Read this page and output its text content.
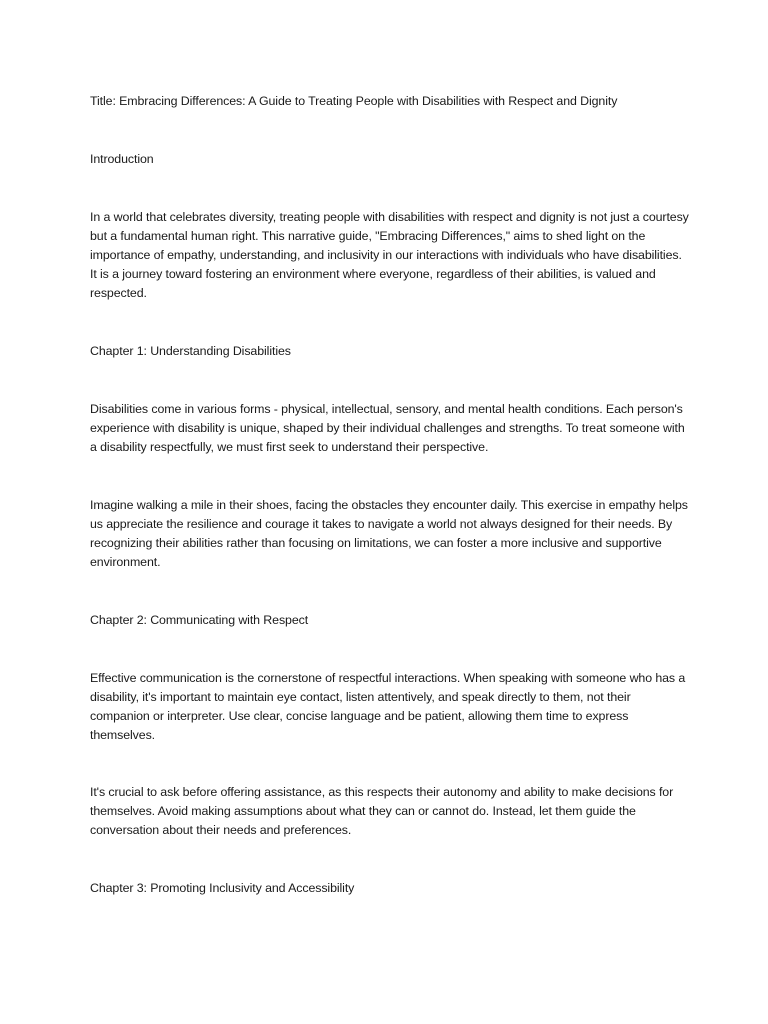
Title: Embracing Differences: A Guide to Treating People with Disabilities with Respect and Dignity

Introduction

In a world that celebrates diversity, treating people with disabilities with respect and dignity is not just a courtesy but a fundamental human right. This narrative guide, "Embracing Differences," aims to shed light on the importance of empathy, understanding, and inclusivity in our interactions with individuals who have disabilities. It is a journey toward fostering an environment where everyone, regardless of their abilities, is valued and respected.

Chapter 1: Understanding Disabilities

Disabilities come in various forms - physical, intellectual, sensory, and mental health conditions. Each person's experience with disability is unique, shaped by their individual challenges and strengths. To treat someone with a disability respectfully, we must first seek to understand their perspective.

Imagine walking a mile in their shoes, facing the obstacles they encounter daily. This exercise in empathy helps us appreciate the resilience and courage it takes to navigate a world not always designed for their needs. By recognizing their abilities rather than focusing on limitations, we can foster a more inclusive and supportive environment.

Chapter 2: Communicating with Respect

Effective communication is the cornerstone of respectful interactions. When speaking with someone who has a disability, it's important to maintain eye contact, listen attentively, and speak directly to them, not their companion or interpreter. Use clear, concise language and be patient, allowing them time to express themselves.

It's crucial to ask before offering assistance, as this respects their autonomy and ability to make decisions for themselves. Avoid making assumptions about what they can or cannot do. Instead, let them guide the conversation about their needs and preferences.

Chapter 3: Promoting Inclusivity and Accessibility
